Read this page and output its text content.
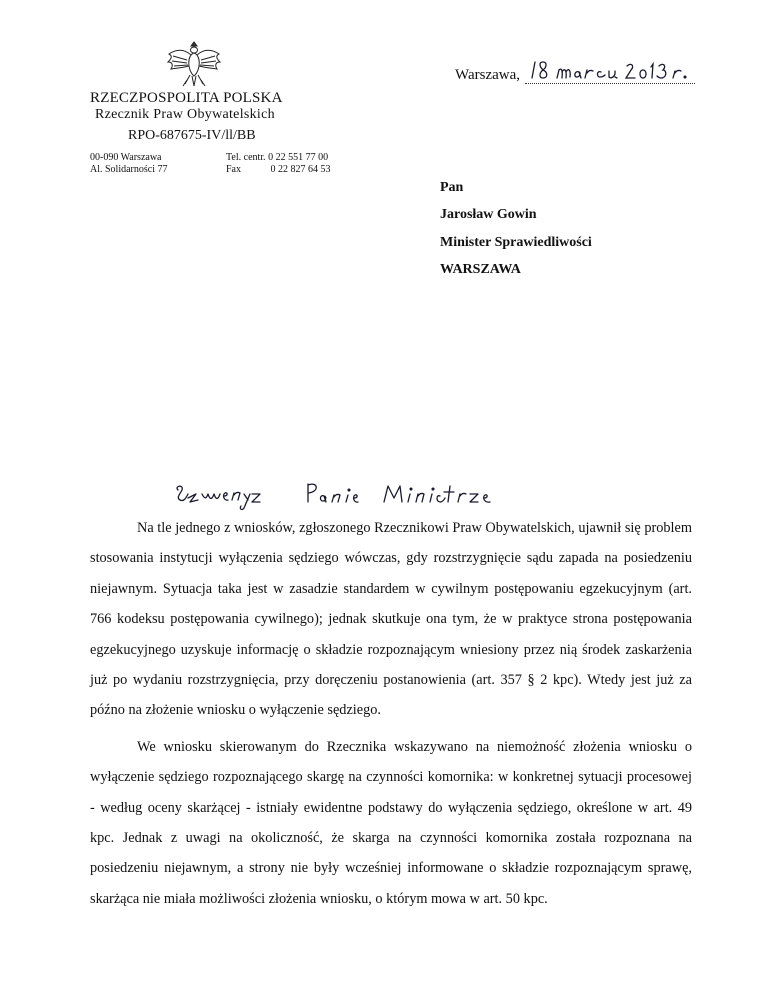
RZECZPOSPOLITA POLSKA
Rzecznik Praw Obywatelskich
RPO-687675-IV/ll/BB
00-090 Warszawa
Al. Solidarności 77
Tel. centr. 0 22 551 77 00
Fax	0 22 827 64 53
Warszawa,
Pan
Jarosław Gowin
Minister Sprawiedliwości
WARSZAWA

Na tle jednego z wniosków, zgłoszonego Rzecznikowi Praw Obywatelskich, ujawnił się problem stosowania instytucji wyłączenia sędziego wówczas, gdy rozstrzygnięcie sądu zapada na posiedzeniu niejawnym. Sytuacja taka jest w zasadzie standardem w cywilnym postępowaniu egzekucyjnym (art. 766 kodeksu postępowania cywilnego); jednak skutkuje ona tym, że w praktyce strona postępowania egzekucyjnego uzyskuje informację o składzie rozpoznającym wniesiony przez nią środek zaskarżenia już po wydaniu rozstrzygnięcia, przy doręczeniu postanowienia (art. 357 § 2 kpc). Wtedy jest już za późno na złożenie wniosku o wyłączenie sędziego.

We wniosku skierowanym do Rzecznika wskazywano na niemożność złożenia wniosku o wyłączenie sędziego rozpoznającego skargę na czynności komornika: w konkretnej sytuacji procesowej - według oceny skarżącej - istniały ewidentne podstawy do wyłączenia sędziego, określone w art. 49 kpc. Jednak z uwagi na okoliczność, że skarga na czynności komornika została rozpoznana na posiedzeniu niejawnym, a strony nie były wcześniej informowane o składzie rozpoznającym sprawę, skarżąca nie miała możliwości złożenia wniosku, o którym mowa w art. 50 kpc.
